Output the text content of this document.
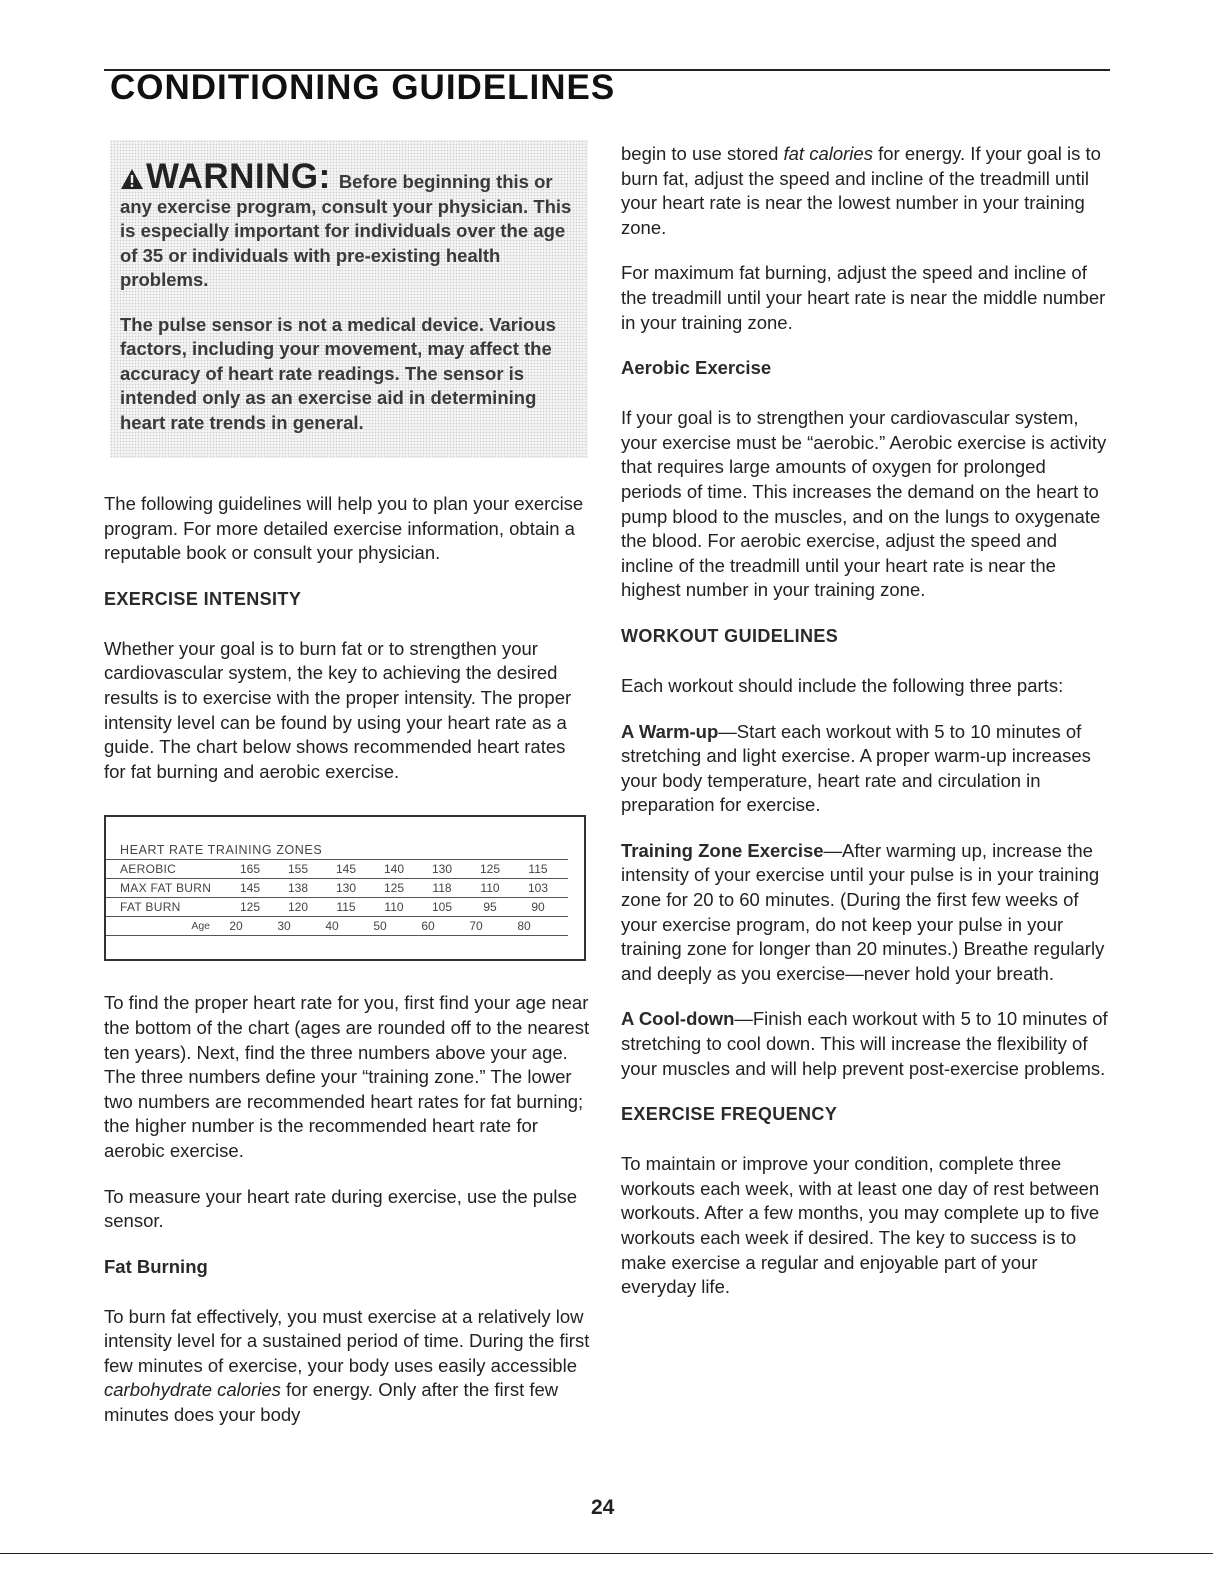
CONDITIONING GUIDELINES

WARNING: Before beginning this or any exercise program, consult your physician. This is especially important for individuals over the age of 35 or individuals with pre-existing health problems.

The pulse sensor is not a medical device. Various factors, including your movement, may affect the accuracy of heart rate readings. The sensor is intended only as an exercise aid in determining heart rate trends in general.

The following guidelines will help you to plan your exercise program. For more detailed exercise information, obtain a reputable book or consult your physician.

EXERCISE INTENSITY

Whether your goal is to burn fat or to strengthen your cardiovascular system, the key to achieving the desired results is to exercise with the proper intensity. The proper intensity level can be found by using your heart rate as a guide. The chart below shows recommended heart rates for fat burning and aerobic exercise.

HEART RATE TRAINING ZONES
AEROBIC	165	155	145	140	130	125	115
MAX FAT BURN	145	138	130	125	118	110	103
FAT BURN	125	120	115	110	105	95	90
Age	20	30	40	50	60	70	80

To find the proper heart rate for you, first find your age near the bottom of the chart (ages are rounded off to the nearest ten years). Next, find the three numbers above your age. The three numbers define your “training zone.” The lower two numbers are recommended heart rates for fat burning; the higher number is the recommended heart rate for aerobic exercise.

To measure your heart rate during exercise, use the pulse sensor.

Fat Burning

To burn fat effectively, you must exercise at a relatively low intensity level for a sustained period of time. During the first few minutes of exercise, your body uses easily accessible carbohydrate calories for energy. Only after the first few minutes does your body

begin to use stored fat calories for energy. If your goal is to burn fat, adjust the speed and incline of the treadmill until your heart rate is near the lowest number in your training zone.

For maximum fat burning, adjust the speed and incline of the treadmill until your heart rate is near the middle number in your training zone.

Aerobic Exercise

If your goal is to strengthen your cardiovascular system, your exercise must be “aerobic.” Aerobic exercise is activity that requires large amounts of oxygen for prolonged periods of time. This increases the demand on the heart to pump blood to the muscles, and on the lungs to oxygenate the blood. For aerobic exercise, adjust the speed and incline of the treadmill until your heart rate is near the highest number in your training zone.

WORKOUT GUIDELINES

Each workout should include the following three parts:

A Warm-up—Start each workout with 5 to 10 minutes of stretching and light exercise. A proper warm-up increases your body temperature, heart rate and circulation in preparation for exercise.

Training Zone Exercise—After warming up, increase the intensity of your exercise until your pulse is in your training zone for 20 to 60 minutes. (During the first few weeks of your exercise program, do not keep your pulse in your training zone for longer than 20 minutes.) Breathe regularly and deeply as you exercise—never hold your breath.

A Cool-down—Finish each workout with 5 to 10 minutes of stretching to cool down. This will increase the flexibility of your muscles and will help prevent post-exercise problems.

EXERCISE FREQUENCY

To maintain or improve your condition, complete three workouts each week, with at least one day of rest between workouts. After a few months, you may complete up to five workouts each week if desired. The key to success is to make exercise a regular and enjoyable part of your everyday life.

24
